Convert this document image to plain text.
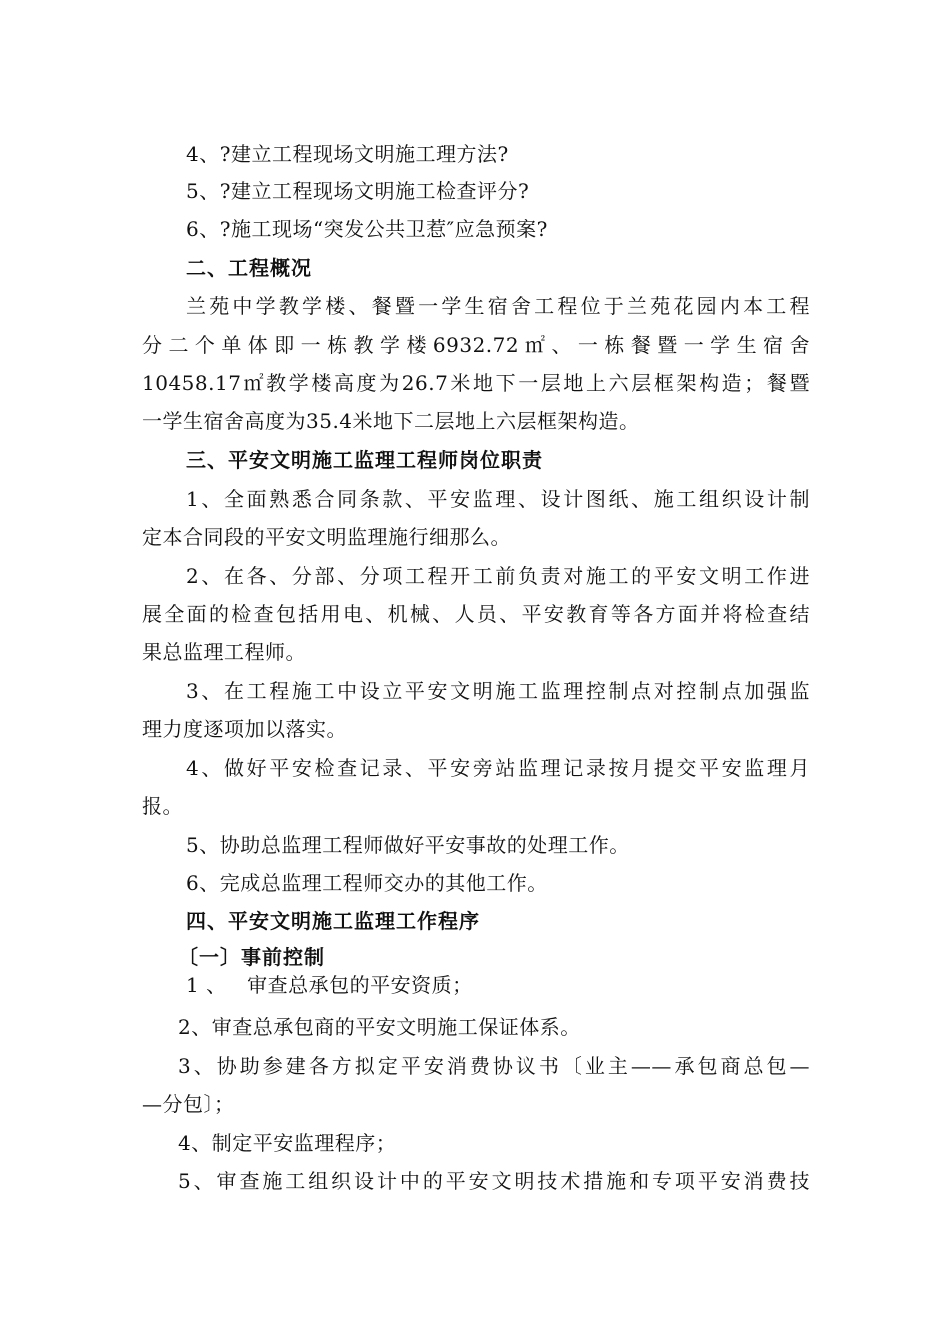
4、?建立工程现场文明施工理方法?
5、?建立工程现场文明施工检查评分?
6、?施工现场“突发公共卫惹″应急预案?
二、工程概况
兰苑中学教学楼、餐暨一学生宿舍工程位于兰苑花园内本工程
分二个单体即一栋教学楼6932.72㎡、一栋餐暨一学生宿舍
10458.17㎡教学楼高度为26.7米地下一层地上六层框架构造；餐暨
一学生宿舍高度为35.4米地下二层地上六层框架构造。
三、平安文明施工监理工程师岗位职责
1、全面熟悉合同条款、平安监理、设计图纸、施工组织设计制
定本合同段的平安文明监理施行细那么。
2、在各、分部、分项工程开工前负责对施工的平安文明工作进
展全面的检查包括用电、机械、人员、平安教育等各方面并将检查结
果总监理工程师。
3、在工程施工中设立平安文明施工监理控制点对控制点加强监
理力度逐项加以落实。
4、做好平安检查记录、平安旁站监理记录按月提交平安监理月
报。
5、协助总监理工程师做好平安事故的处理工作。
6、完成总监理工程师交办的其他工作。
四、平安文明施工监理工作程序
〔一〕事前控制
1 、   审查总承包的平安资质；
2、审查总承包商的平安文明施工保证体系。
3、协助参建各方拟定平安消费协议书〔业主——承包商总包—
—分包〕；
4、制定平安监理程序；
5、审查施工组织设计中的平安文明技术措施和专项平安消费技
